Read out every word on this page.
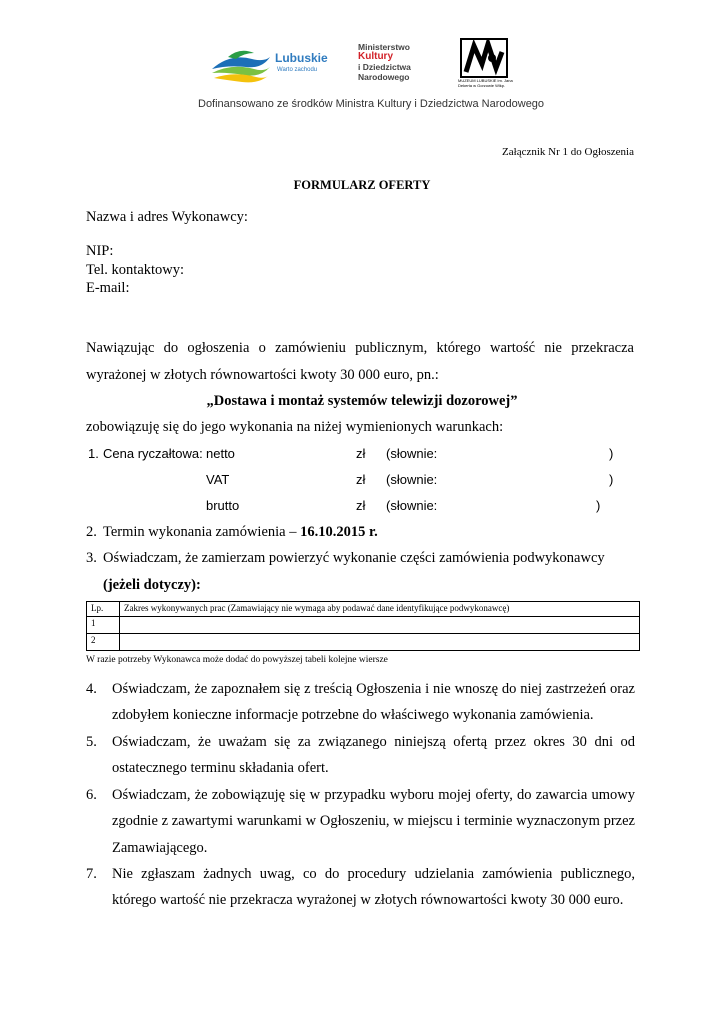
Lubuskie
Warto zachodu
Ministerstwo
Kultury
i Dziedzictwa
Narodowego	MUZEUM LUBUSKIE im. Jana Dekerta w Gorzowie Wlkp.
Dofinansowano ze środków Ministra Kultury i Dziedzictwa Narodowego
Załącznik Nr 1 do Ogłoszenia
FORMULARZ OFERTY
Nazwa i adres Wykonawcy:
NIP:
Tel. kontaktowy:
E-mail:
Nawiązując do ogłoszenia o zamówieniu publicznym, którego wartość nie przekracza
wyrażonej w złotych równowartości kwoty 30 000 euro, pn.:
„Dostawa i montaż systemów telewizji dozorowej”
zobowiązuję się do jego wykonania na niżej wymienionych warunkach:
1. Cena ryczałtowa: netto	zł (słownie:	)
VAT	zł (słownie:	)
brutto	zł (słownie:	)
2. Termin wykonania zamówienia – 16.10.2015 r.
3. Oświadczam, że zamierzam powierzyć wykonanie części zamówienia podwykonawcy
(jeżeli dotyczy):
Lp.	Zakres wykonywanych prac (Zamawiający nie wymaga aby podawać dane identyfikujące podwykonawcę)
1	
2	
W razie potrzeby Wykonawca może dodać do powyższej tabeli kolejne wiersze
4. Oświadczam, że zapoznałem się z treścią Ogłoszenia i nie wnoszę do niej zastrzeżeń oraz
zdobyłem konieczne informacje potrzebne do właściwego wykonania zamówienia.
5. Oświadczam, że uważam się za związanego niniejszą ofertą przez okres 30 dni od
ostatecznego terminu składania ofert.
6. Oświadczam, że zobowiązuję się w przypadku wyboru mojej oferty, do zawarcia umowy
zgodnie z zawartymi warunkami w Ogłoszeniu, w miejscu i terminie wyznaczonym przez
Zamawiającego.
7. Nie zgłaszam żadnych uwag, co do procedury udzielania zamówienia publicznego,
którego wartość nie przekracza wyrażonej w złotych równowartości kwoty 30 000 euro.
